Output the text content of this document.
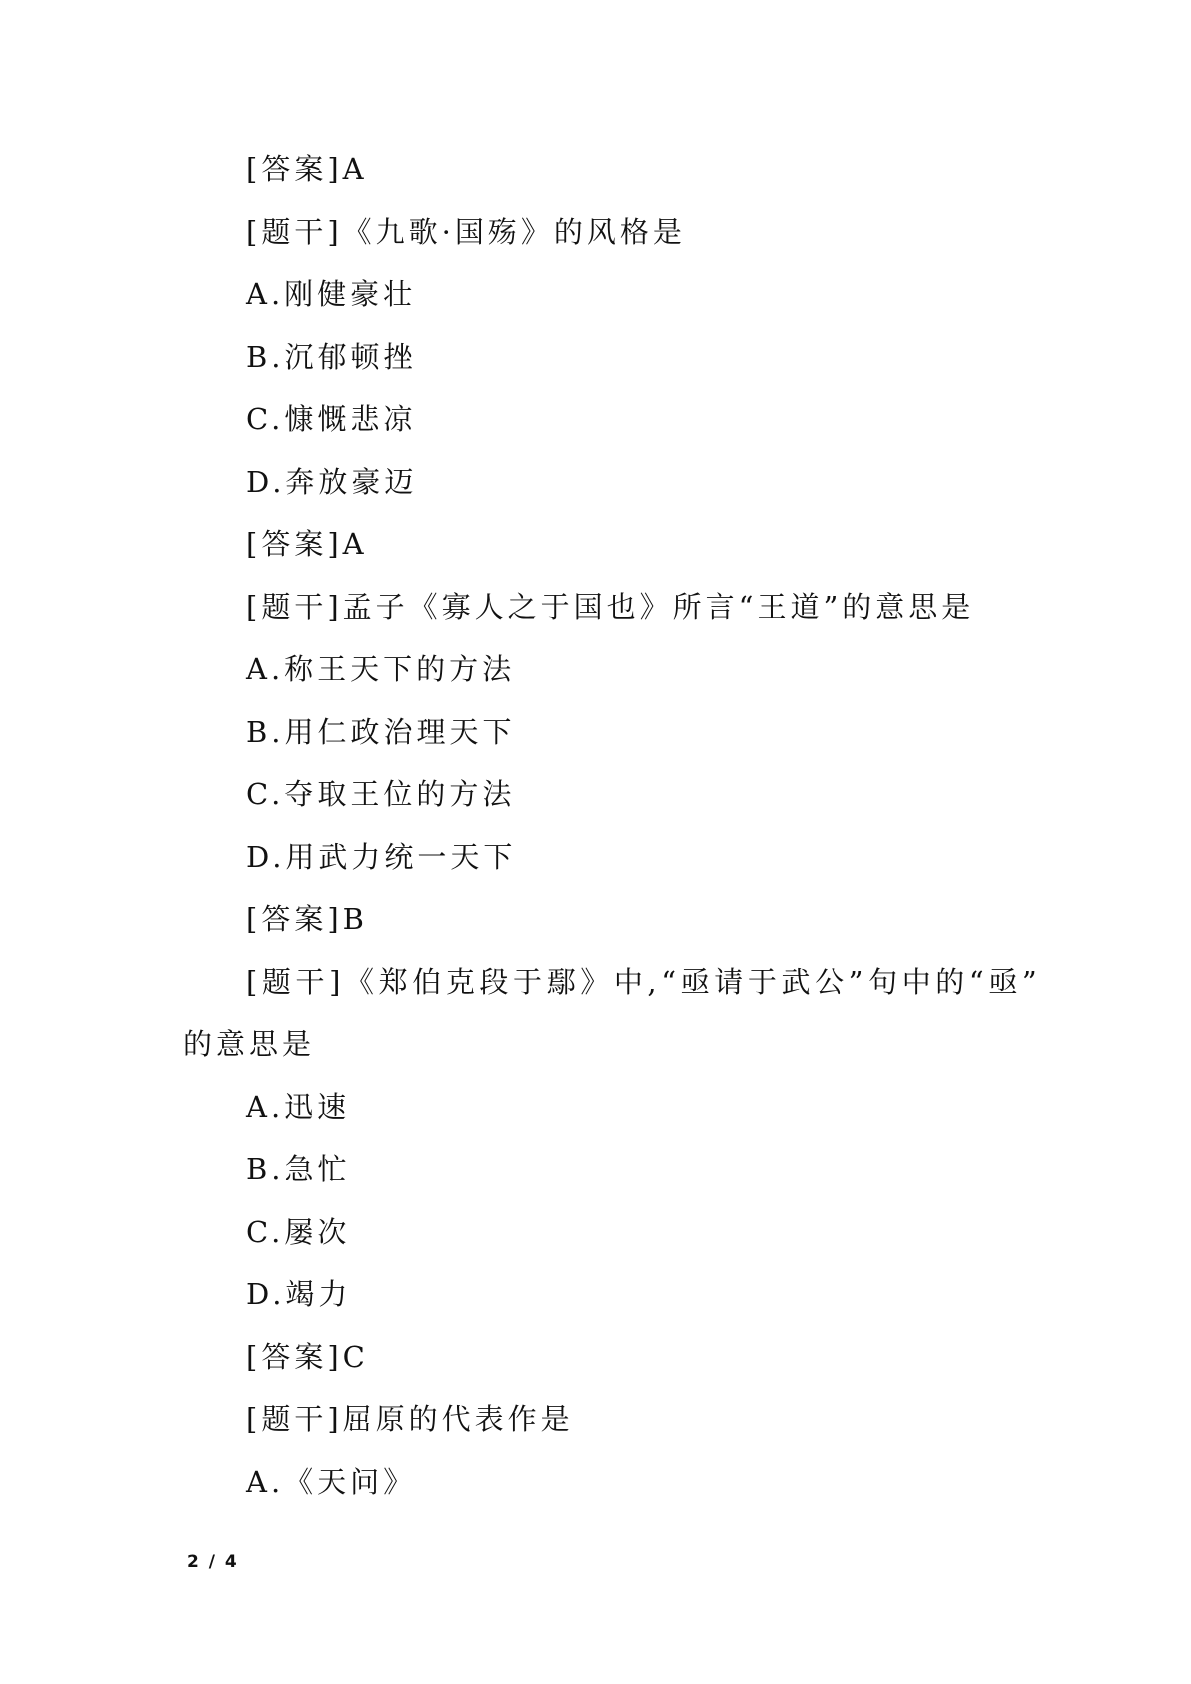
[答案]A
[题干]《九歌·国殇》的风格是
A.刚健豪壮
B.沉郁顿挫
C.慷慨悲凉
D.奔放豪迈
[答案]A
[题干]孟子《寡人之于国也》所言“王道”的意思是
A.称王天下的方法
B.用仁政治理天下
C.夺取王位的方法
D.用武力统一天下
[答案]B
[题干]《郑伯克段于鄢》中,“亟请于武公”句中的“亟”
的意思是
A.迅速
B.急忙
C.屡次
D.竭力
[答案]C
[题干]屈原的代表作是
A.《天问》
2 / 4
